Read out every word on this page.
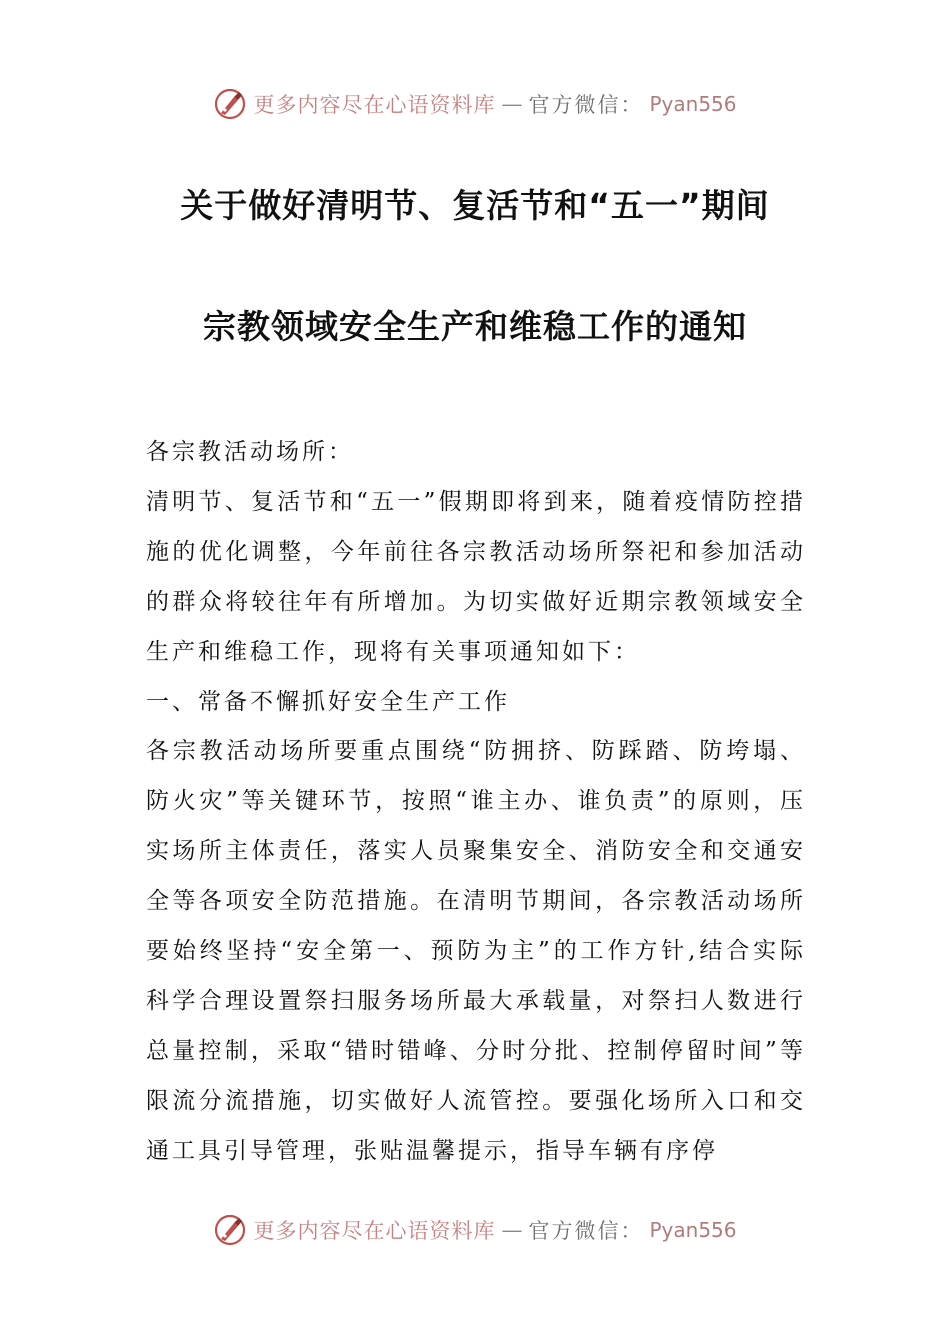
更多内容尽在心语资料库 — 官方微信： Pyan556
关于做好清明节、复活节和“五一”期间
宗教领域安全生产和维稳工作的通知

各宗教活动场所：

清明节、复活节和“五一”假期即将到来，随着疫情防控措施的优化调整，今年前往各宗教活动场所祭祀和参加活动的群众将较往年有所增加。为切实做好近期宗教领域安全生产和维稳工作，现将有关事项通知如下：

一、常备不懈抓好安全生产工作

各宗教活动场所要重点围绕“防拥挤、防踩踏、防垮塌、防火灾”等关键环节，按照“谁主办、谁负责”的原则，压实场所主体责任，落实人员聚集安全、消防安全和交通安全等各项安全防范措施。在清明节期间，各宗教活动场所要始终坚持“安全第一、预防为主”的工作方针,结合实际科学合理设置祭扫服务场所最大承载量，对祭扫人数进行总量控制，采取“错时错峰、分时分批、控制停留时间”等限流分流措施，切实做好人流管控。要强化场所入口和交通工具引导管理，张贴温馨提示，指导车辆有序停

更多内容尽在心语资料库 — 官方微信： Pyan556
